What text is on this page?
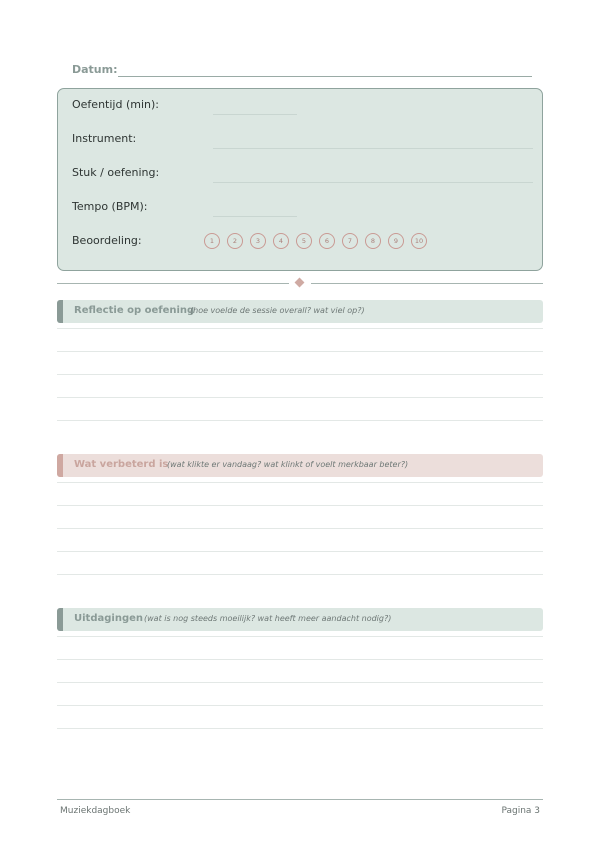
Datum:
Oefentijd (min):
Instrument:
Stuk / oefening:
Tempo (BPM):
Beoordeling:	1	2	3	4	5	6	7	8	9	10
Reflectie op oefening
(hoe voelde de sessie overall? wat viel op?)
Wat verbeterd is
(wat klikte er vandaag? wat klinkt of voelt merkbaar beter?)
Uitdagingen (wat is nog steeds moeilijk? wat heeft meer aandacht nodig?)
Muziekdagboek	Pagina 3
